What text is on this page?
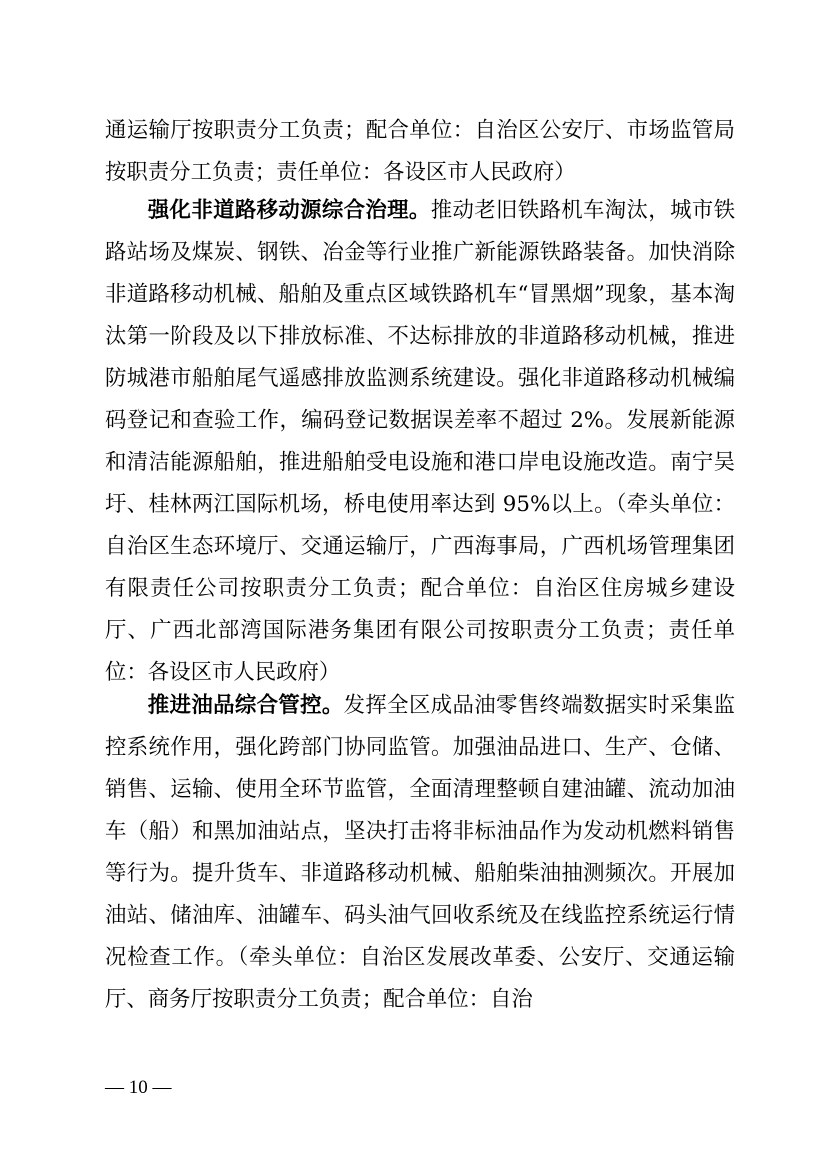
通运输厅按职责分工负责；配合单位：自治区公安厅、市场监管局按职责分工负责；责任单位：各设区市人民政府）

强化非道路移动源综合治理。推动老旧铁路机车淘汰，城市铁路站场及煤炭、钢铁、冶金等行业推广新能源铁路装备。加快消除非道路移动机械、船舶及重点区域铁路机车“冒黑烟”现象，基本淘汰第一阶段及以下排放标准、不达标排放的非道路移动机械，推进防城港市船舶尾气遥感排放监测系统建设。强化非道路移动机械编码登记和查验工作，编码登记数据误差率不超过 2%。发展新能源和清洁能源船舶，推进船舶受电设施和港口岸电设施改造。南宁吴圩、桂林两江国际机场，桥电使用率达到 95%以上。（牵头单位：自治区生态环境厅、交通运输厅，广西海事局，广西机场管理集团有限责任公司按职责分工负责；配合单位：自治区住房城乡建设厅、广西北部湾国际港务集团有限公司按职责分工负责；责任单位：各设区市人民政府）

推进油品综合管控。发挥全区成品油零售终端数据实时采集监控系统作用，强化跨部门协同监管。加强油品进口、生产、仓储、销售、运输、使用全环节监管，全面清理整顿自建油罐、流动加油车（船）和黑加油站点，坚决打击将非标油品作为发动机燃料销售等行为。提升货车、非道路移动机械、船舶柴油抽测频次。开展加油站、储油库、油罐车、码头油气回收系统及在线监控系统运行情况检查工作。（牵头单位：自治区发展改革委、公安厅、交通运输厅、商务厅按职责分工负责；配合单位：自治

— 10 —
